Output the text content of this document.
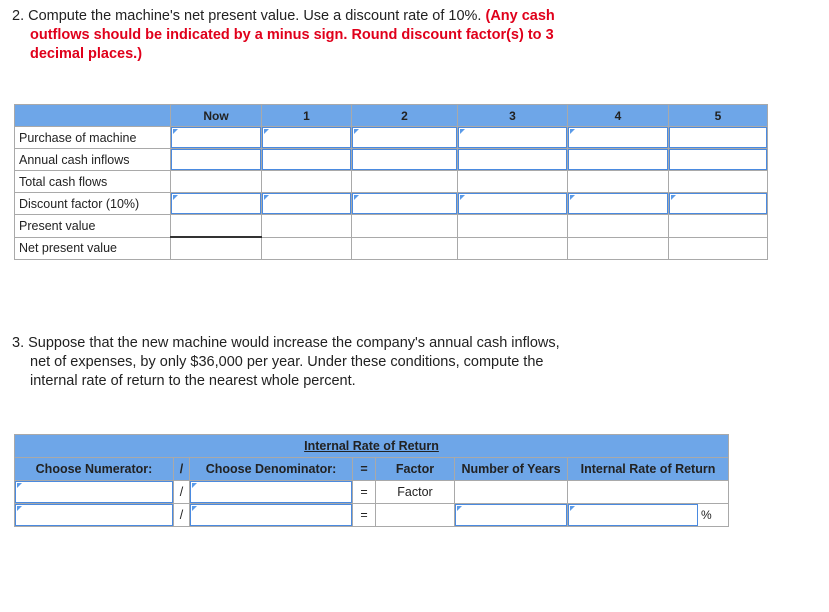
2. Compute the machine's net present value. Use a discount rate of 10%. (Any cash
outflows should be indicated by a minus sign. Round discount factor(s) to 3
decimal places.)
	Now	1	2	3	4	5
Purchase of machine	

Annual cash inflows	

Total cash flows						
Discount factor (10%)	

Present value						
Net present value						
3. Suppose that the new machine would increase the company's annual cash inflows,
net of expenses, by only $36,000 per year. Under these conditions, compute the
internal rate of return to the nearest whole percent.
Internal Rate of Return						
Choose Numerator:	/	Choose Denominator:	=	Factor	Number of Years	Internal Rate of Return

	/		=	Factor		

	/		=			%
